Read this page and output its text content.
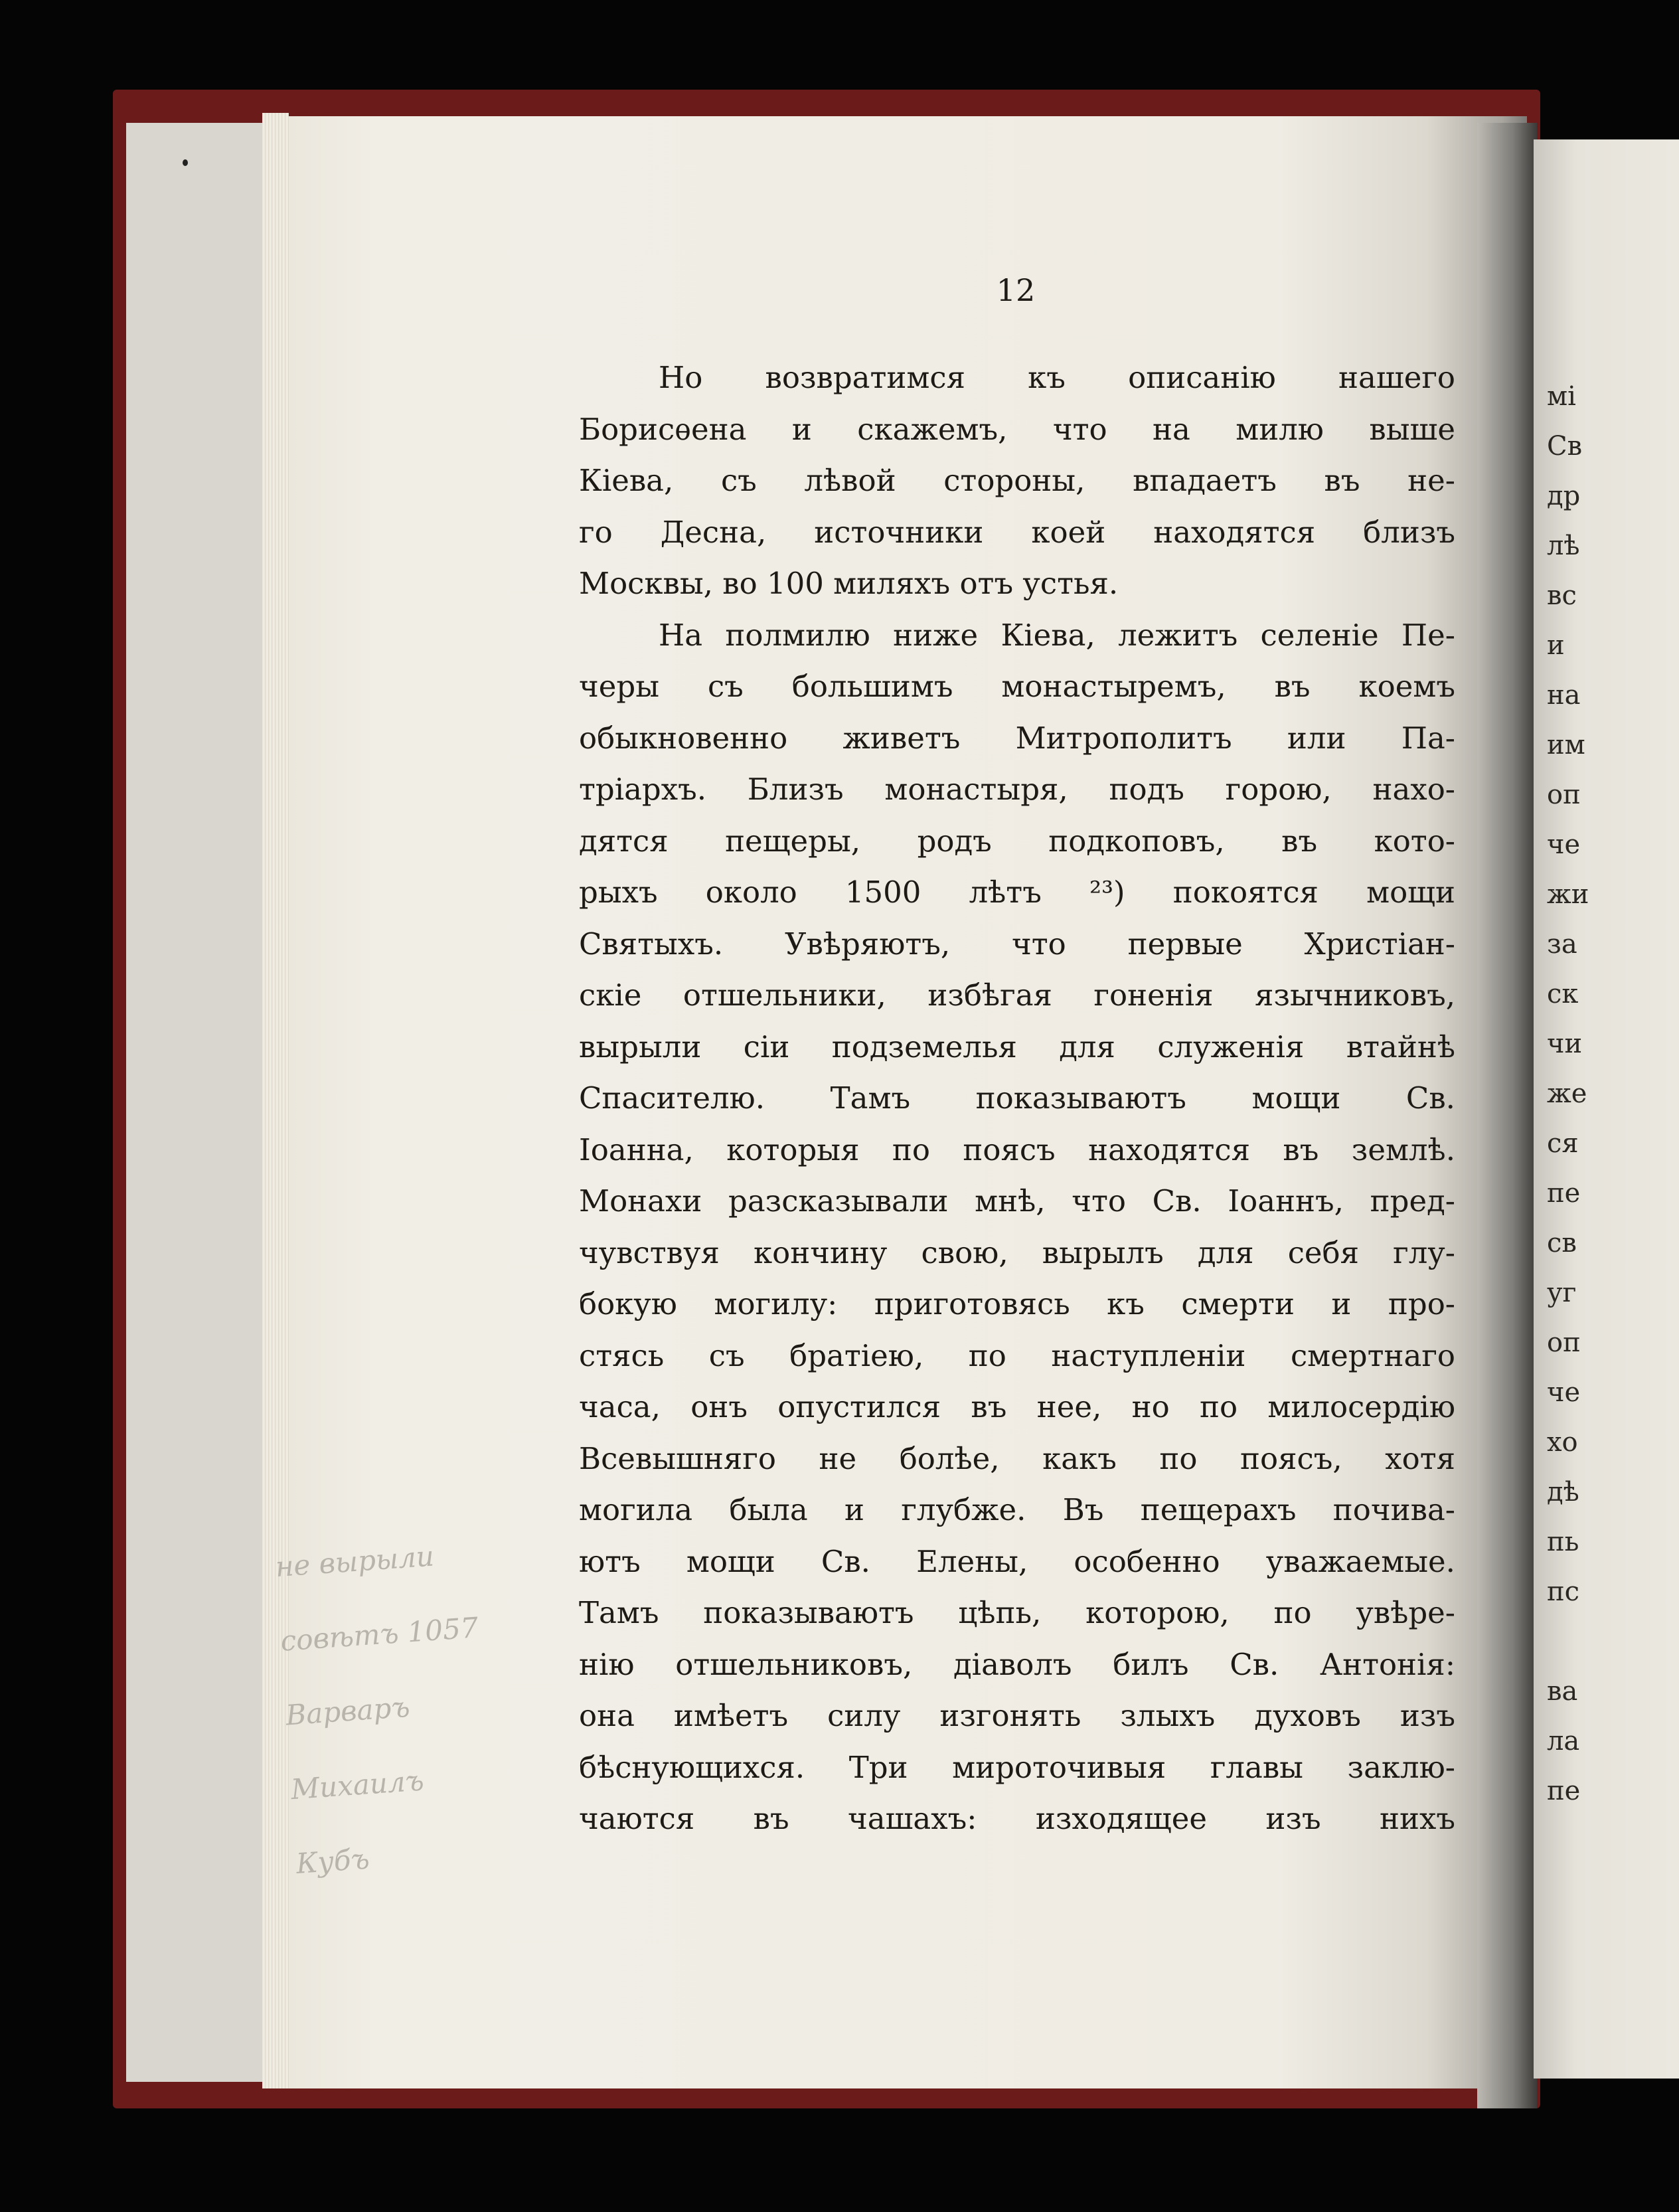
мі
Св
др
лѣ
вс
и
на
им
оп
че
жи
за
ск
чи
же
ся
пе
св
уг
оп
че
хо
дѣ
пь
пс
ва
ла
пе
12
Но возвратимся къ описанію нашего
Борисѳена и скажемъ, что на милю выше
Кіева, съ лѣвой стороны, впадаетъ въ не-
го Десна, источники коей находятся близъ
Москвы, во 100 миляхъ отъ устья.
На полмилю ниже Кіева, лежитъ селеніе Пе-
черы съ большимъ монастыремъ, въ коемъ
обыкновенно живетъ Митрополитъ или Па-
тріархъ. Близъ монастыря, подъ горою, нахо-
дятся пещеры, родъ подкоповъ, въ кото-
рыхъ около 1500 лѣтъ ²³) покоятся мощи
Святыхъ. Увѣряютъ, что первые Христіан-
скіе отшельники, избѣгая гоненія язычниковъ,
вырыли сіи подземелья для служенія втайнѣ
Спасителю. Тамъ показываютъ мощи Св.
Іоанна, которыя по поясъ находятся въ землѣ.
Монахи разсказывали мнѣ, что Св. Іоаннъ, пред-
чувствуя кончину свою, вырылъ для себя глу-
бокую могилу: приготовясь къ смерти и про-
стясь съ братіею, по наступленіи смертнаго
часа, онъ опустился въ нее, но по милосердію
Всевышняго не болѣе, какъ по поясъ, хотя
могила была и глубже. Въ пещерахъ почива-
ютъ мощи Св. Елены, особенно уважаемые.
Тамъ показываютъ цѣпь, которою, по увѣре-
нію отшельниковъ, діаволъ билъ Св. Антонія:
она имѣетъ силу изгонять злыхъ духовъ изъ
бѣснующихся. Три мироточивыя главы заклю-
чаются въ чашахъ: изходящее изъ нихъ
не вырыли
совѣтъ 1057
Варваръ
Михаилъ
Кубъ
